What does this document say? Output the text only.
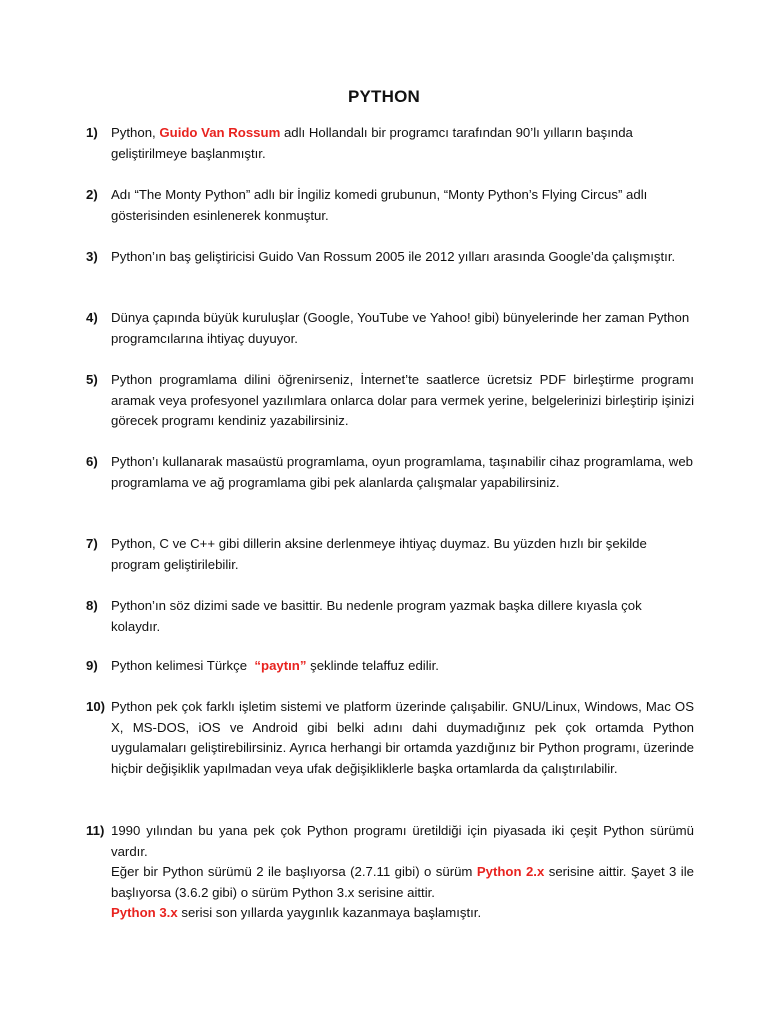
PYTHON
1)	Python, Guido Van Rossum adlı Hollandalı bir programcı tarafından 90’lı yılların başında geliştirilmeye başlanmıştır.
2)	Adı “The Monty Python” adlı bir İngiliz komedi grubunun, “Monty Python’s Flying Circus” adlı gösterisinden esinlenerek konmuştur.
3)	Python’ın baş geliştiricisi Guido Van Rossum 2005 ile 2012 yılları arasında Google’da çalışmıştır.
4)	Dünya çapında büyük kuruluşlar (Google, YouTube ve Yahoo! gibi) bünyelerinde her zaman Python programcılarına ihtiyaç duyuyor.
5)	Python programlama dilini öğrenirseniz, İnternet’te saatlerce ücretsiz PDF birleştirme programı aramak veya profesyonel yazılımlara onlarca dolar para vermek yerine, belgelerinizi birleştirip işinizi görecek programı kendiniz yazabilirsiniz.
6)	Python’ı kullanarak masaüstü programlama, oyun programlama, taşınabilir cihaz programlama, web programlama ve ağ programlama gibi pek alanlarda çalışmalar yapabilirsiniz.
7)	Python, C ve C++ gibi dillerin aksine derlenmeye ihtiyaç duymaz. Bu yüzden hızlı bir şekilde program geliştirilebilir.
8)	Python’ın söz dizimi sade ve basittir. Bu nedenle program yazmak başka dillere kıyasla çok kolaydır.
9)	Python kelimesi Türkçe  “paytın” şeklinde telaffuz edilir.
10) Python pek çok farklı işletim sistemi ve platform üzerinde çalışabilir. GNU/Linux, Windows, Mac OS X, MS-DOS, iOS ve Android gibi belki adını dahi duymadığınız pek çok ortamda Python uygulamaları geliştirebilirsiniz. Ayrıca herhangi bir ortamda yazdığınız bir Python programı, üzerinde hiçbir değişiklik yapılmadan veya ufak değişikliklerle başka ortamlarda da çalıştırılabilir.
11) 1990 yılından bu yana pek çok Python programı üretildiği için piyasada iki çeşit Python sürümü vardır.
Eğer bir Python sürümü 2 ile başlıyorsa (2.7.11 gibi) o sürüm Python 2.x serisine aittir. Şayet 3 ile başlıyorsa (3.6.2 gibi) o sürüm Python 3.x serisine aittir.
Python 3.x serisi son yıllarda yaygınlık kazanmaya başlamıştır.
